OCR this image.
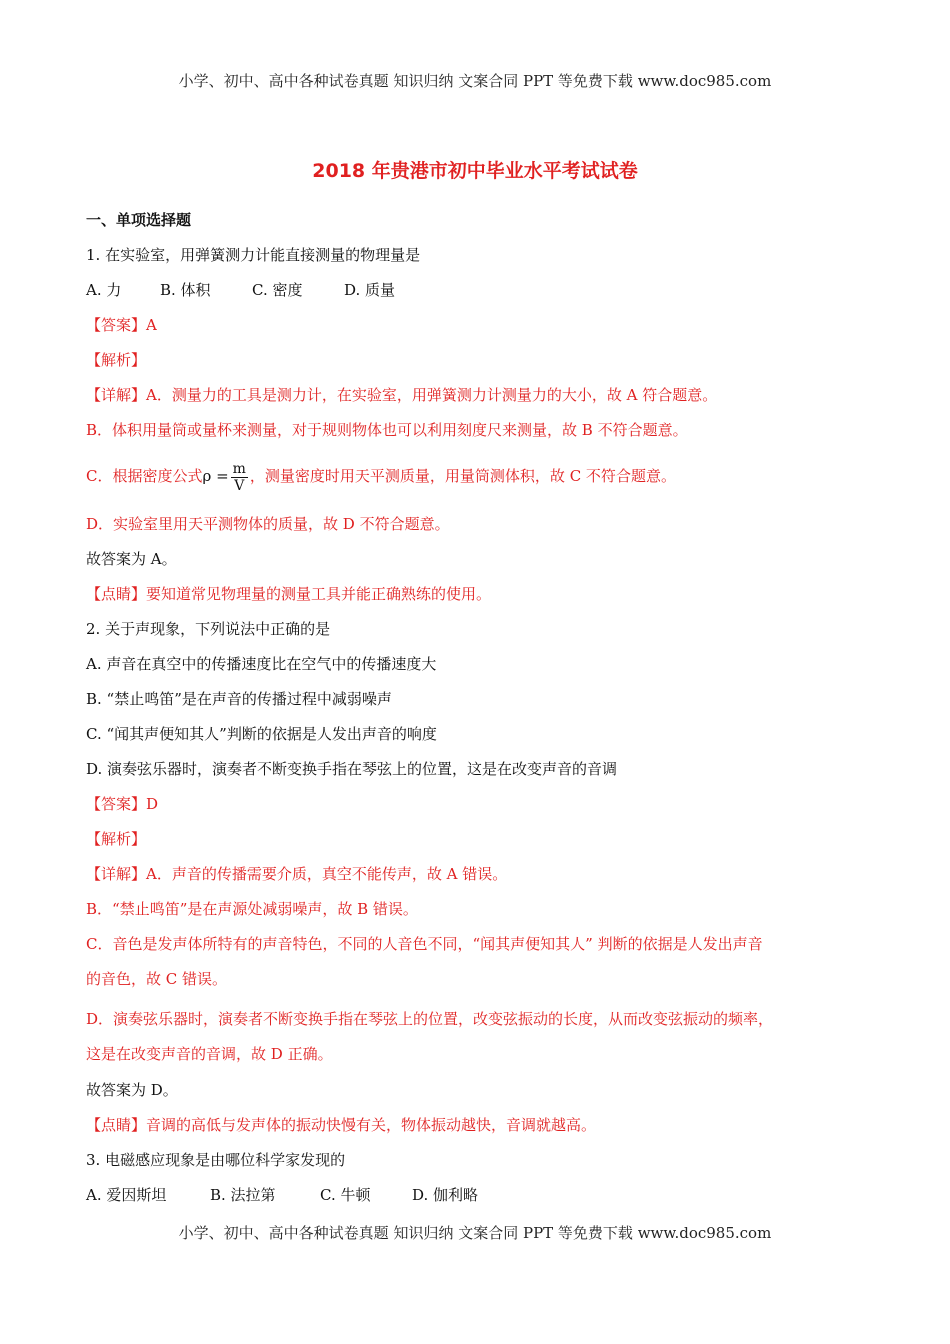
小学、初中、高中各种试卷真题 知识归纳 文案合同 PPT 等免费下载 www.doc985.com
2018 年贵港市初中毕业水平考试试卷
一、单项选择题
1. 在实验室，用弹簧测力计能直接测量的物理量是
A. 力	B. 体积	C. 密度	D. 质量
【答案】A
【解析】
【详解】A．测量力的工具是测力计，在实验室，用弹簧测力计测量力的大小，故 A 符合题意。
B．体积用量筒或量杯来测量，对于规则物体也可以利用刻度尺来测量，故 B 不符合题意。
C．根据密度公式$\rho = \frac{m}{V}$ ，测量密度时用天平测质量，用量筒测体积，故 C 不符合题意。
D．实验室里用天平测物体的质量，故 D 不符合题意。
故答案为 A。
【点睛】要知道常见物理量的测量工具并能正确熟练的使用。
2. 关于声现象，下列说法中正确的是
A. 声音在真空中的传播速度比在空气中的传播速度大
B. “禁止鸣笛”是在声音的传播过程中减弱噪声
C. “闻其声便知其人”判断的依据是人发出声音的响度
D. 演奏弦乐器时，演奏者不断变换手指在琴弦上的位置，这是在改变声音的音调
【答案】D
【解析】
【详解】A．声音的传播需要介质，真空不能传声，故 A 错误。
B．“禁止鸣笛”是在声源处减弱噪声，故 B 错误。
C．音色是发声体所特有的声音特色，不同的人音色不同，“闻其声便知其人” 判断的依据是人发出声音
的音色，故 C 错误。
D．演奏弦乐器时，演奏者不断变换手指在琴弦上的位置，改变弦振动的长度，从而改变弦振动的频率，
这是在改变声音的音调，故 D 正确。
故答案为 D。
【点睛】音调的高低与发声体的振动快慢有关，物体振动越快，音调就越高。
3. 电磁感应现象是由哪位科学家发现的
A. 爱因斯坦	B. 法拉第	C. 牛顿	D. 伽利略
小学、初中、高中各种试卷真题 知识归纳 文案合同 PPT 等免费下载 www.doc985.com
